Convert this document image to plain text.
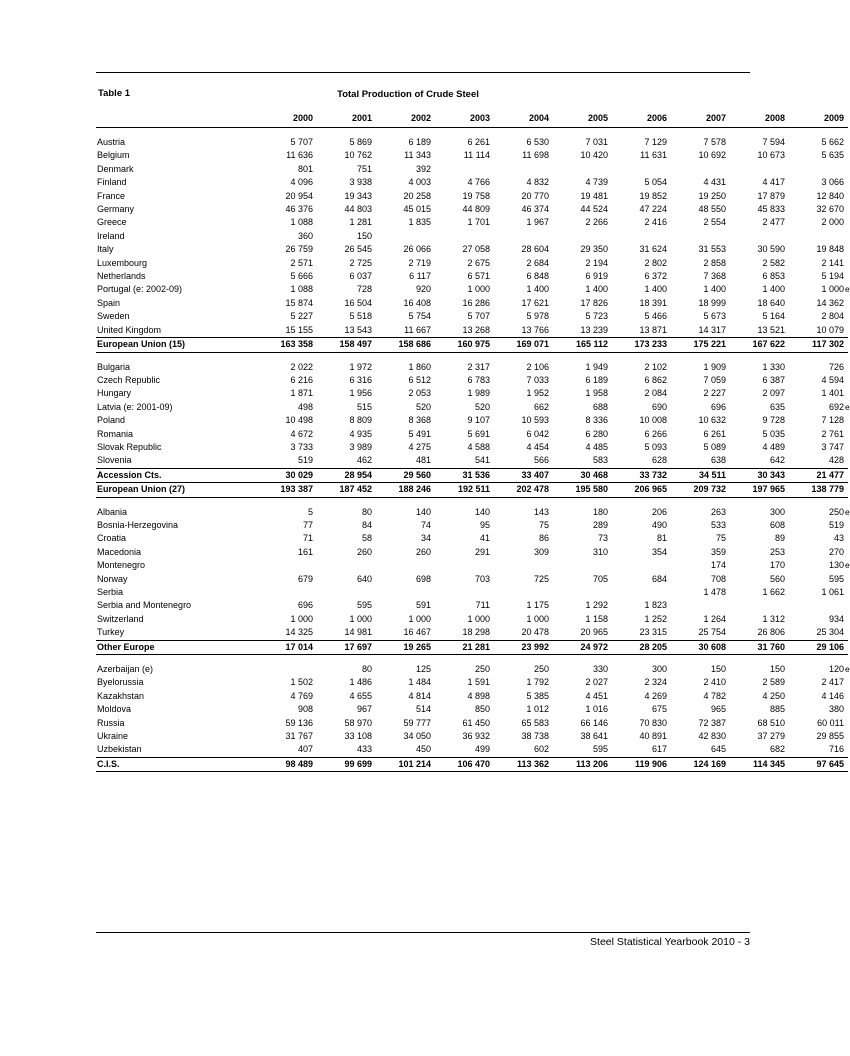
Table 1	Total Production of Crude Steel
	2000	2001	2002	2003	2004	2005	2006	2007	2008	2009	

Austria	5 707	5 869	6 189	6 261	6 530	7 031	7 129	7 578	7 594	5 662	
Belgium	11 636	10 762	11 343	11 114	11 698	10 420	11 631	10 692	10 673	5 635	
Denmark	801	751	392								
Finland	4 096	3 938	4 003	4 766	4 832	4 739	5 054	4 431	4 417	3 066	
France	20 954	19 343	20 258	19 758	20 770	19 481	19 852	19 250	17 879	12 840	
Germany	46 376	44 803	45 015	44 809	46 374	44 524	47 224	48 550	45 833	32 670	
Greece	1 088	1 281	1 835	1 701	1 967	2 266	2 416	2 554	2 477	2 000	
Ireland	360	150									
Italy	26 759	26 545	26 066	27 058	28 604	29 350	31 624	31 553	30 590	19 848	
Luxembourg	2 571	2 725	2 719	2 675	2 684	2 194	2 802	2 858	2 582	2 141	
Netherlands	5 666	6 037	6 117	6 571	6 848	6 919	6 372	7 368	6 853	5 194	
Portugal (e: 2002-09)	1 088	728	920	1 000	1 400	1 400	1 400	1 400	1 400	1 000	e
Spain	15 874	16 504	16 408	16 286	17 621	17 826	18 391	18 999	18 640	14 362	
Sweden	5 227	5 518	5 754	5 707	5 978	5 723	5 466	5 673	5 164	2 804	
United Kingdom	15 155	13 543	11 667	13 268	13 766	13 239	13 871	14 317	13 521	10 079	
European Union (15)	163 358	158 497	158 686	160 975	169 071	165 112	173 233	175 221	167 622	117 302	

Bulgaria	2 022	1 972	1 860	2 317	2 106	1 949	2 102	1 909	1 330	726	
Czech Republic	6 216	6 316	6 512	6 783	7 033	6 189	6 862	7 059	6 387	4 594	
Hungary	1 871	1 956	2 053	1 989	1 952	1 958	2 084	2 227	2 097	1 401	
Latvia (e: 2001-09)	498	515	520	520	662	688	690	696	635	692	e
Poland	10 498	8 809	8 368	9 107	10 593	8 336	10 008	10 632	9 728	7 128	
Romania	4 672	4 935	5 491	5 691	6 042	6 280	6 266	6 261	5 035	2 761	
Slovak Republic	3 733	3 989	4 275	4 588	4 454	4 485	5 093	5 089	4 489	3 747	
Slovenia	519	462	481	541	566	583	628	638	642	428	
Accession Cts.	30 029	28 954	29 560	31 536	33 407	30 468	33 732	34 511	30 343	21 477	
European Union (27)	193 387	187 452	188 246	192 511	202 478	195 580	206 965	209 732	197 965	138 779	

Albania	5	80	140	140	143	180	206	263	300	250	e
Bosnia-Herzegovina	77	84	74	95	75	289	490	533	608	519	
Croatia	71	58	34	41	86	73	81	75	89	43	
Macedonia	161	260	260	291	309	310	354	359	253	270	
Montenegro								174	170	130	e
Norway	679	640	698	703	725	705	684	708	560	595	
Serbia								1 478	1 662	1 061	
Serbia and Montenegro	696	595	591	711	1 175	1 292	1 823				
Switzerland	1 000	1 000	1 000	1 000	1 000	1 158	1 252	1 264	1 312	934	
Turkey	14 325	14 981	16 467	18 298	20 478	20 965	23 315	25 754	26 806	25 304	
Other Europe	17 014	17 697	19 265	21 281	23 992	24 972	28 205	30 608	31 760	29 106	

Azerbaijan (e)		80	125	250	250	330	300	150	150	120	e
Byelorussia	1 502	1 486	1 484	1 591	1 792	2 027	2 324	2 410	2 589	2 417	
Kazakhstan	4 769	4 655	4 814	4 898	5 385	4 451	4 269	4 782	4 250	4 146	
Moldova	908	967	514	850	1 012	1 016	675	965	885	380	
Russia	59 136	58 970	59 777	61 450	65 583	66 146	70 830	72 387	68 510	60 011	
Ukraine	31 767	33 108	34 050	36 932	38 738	38 641	40 891	42 830	37 279	29 855	
Uzbekistan	407	433	450	499	602	595	617	645	682	716	
C.I.S.	98 489	99 699	101 214	106 470	113 362	113 206	119 906	124 169	114 345	97 645	
Steel Statistical Yearbook 2010 - 3
